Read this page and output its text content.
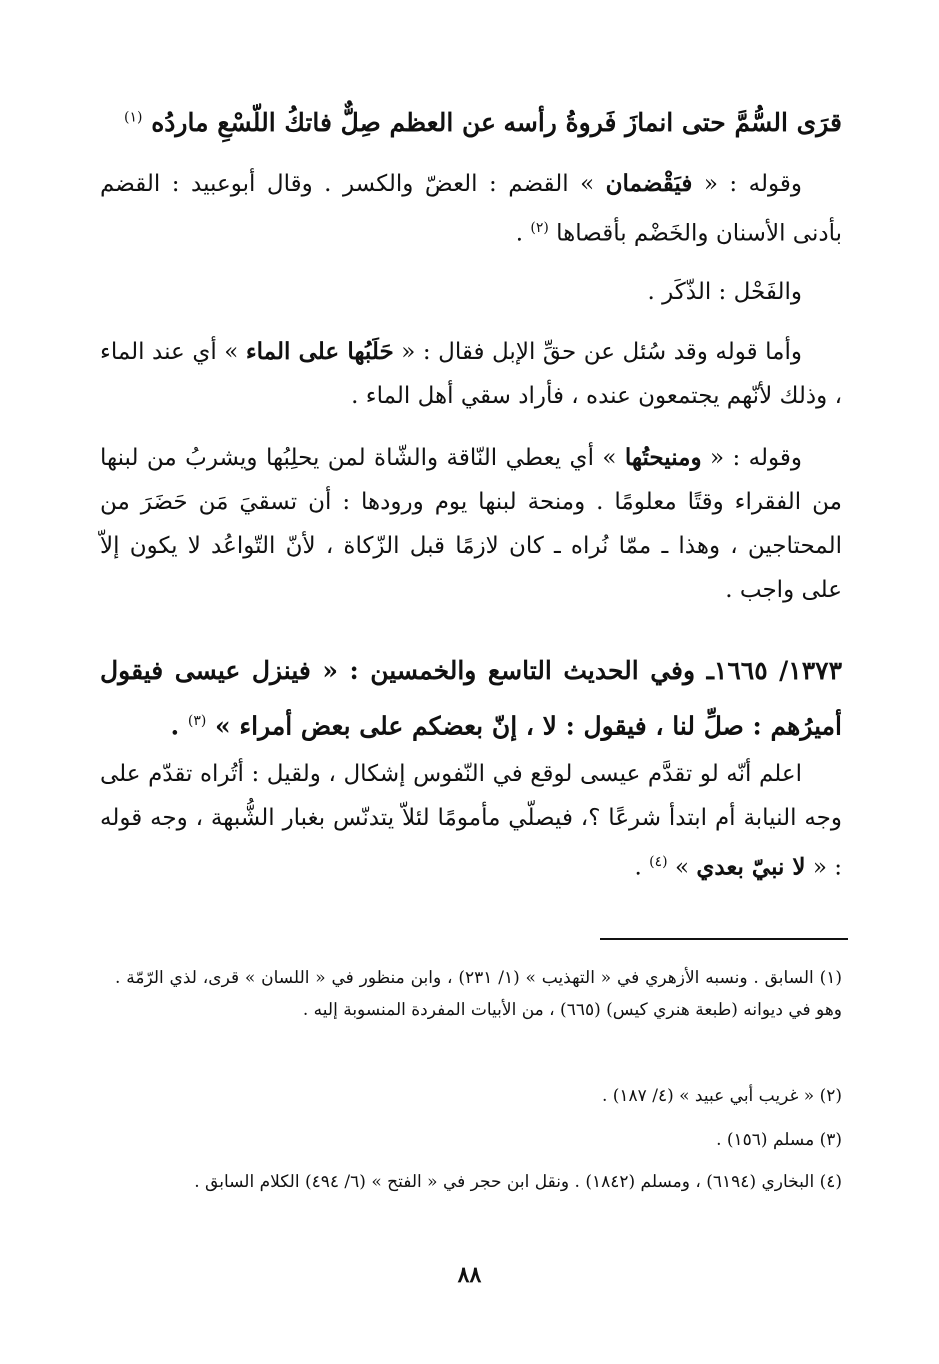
قرَى السُّمَّ حتى انمازَ فَروةُ رأسه
عن العظم صِلٌّ فاتكُ اللّسْعِ ماردُه $^{(١)}$
وقوله : « فيَقْضمان » القضم : العضّ والكسر . وقال أبوعبيد : القضم بأدنى الأسنان والخَضْم بأقصاها $^{(٢)}$ .
والفَحْل : الذّكَر .
وأما قوله وقد سُئل عن حقِّ الإبل فقال : « حَلَبُها على الماء » أي عند الماء ، وذلك لأنّهم يجتمعون عنده ، فأراد سقي أهل الماء .
وقوله : « ومنيحتُها » أي يعطي النّاقة والشّاة لمن يحلِبُها ويشربُ من لبنها من الفقراء وقتًا معلومًا . ومنحة لبنها يوم ورودها : أن تسقيَ مَن حَضَرَ من المحتاجين ، وهذا ـ ممّا نُراه ـ كان لازمًا قبل الزّكاة ، لأنّ التّواعُد لا يكون إلاّ على واجب .
١٣٧٣/ ١٦٦٥ـ وفي الحديث التاسع والخمسين : « فينزل عيسى فيقول أميرُهم : صلِّ لنا ، فيقول : لا ، إنّ بعضكم على بعض أمراء » $^{(٣)}$ .
اعلم أنّه لو تقدَّم عيسى لوقع في النّفوس إشكال ، ولقيل : أتُراه تقدّم على وجه النيابة أم ابتدأ شرعًا ؟، فيصلّي مأمومًا لئلاّ يتدنّس بغبار الشُّبهة ، وجه قوله : « لا نبيّ بعدي » $^{(٤)}$ .
(١) السابق . ونسبه الأزهري في « التهذيب » (١/ ٢٣١) ، وابن منظور في « اللسان » قرى، لذي الرّمّة . وهو في ديوانه (طبعة هنري كيس) (٦٦٥) ، من الأبيات المفردة المنسوبة إليه .
(٢) « غريب أبي عبيد » (٤/ ١٨٧) .
(٣) مسلم (١٥٦) .
(٤) البخاري (٦١٩٤) ، ومسلم (١٨٤٢) . ونقل ابن حجر في « الفتح » (٦/ ٤٩٤) الكلام السابق .
٨٨
